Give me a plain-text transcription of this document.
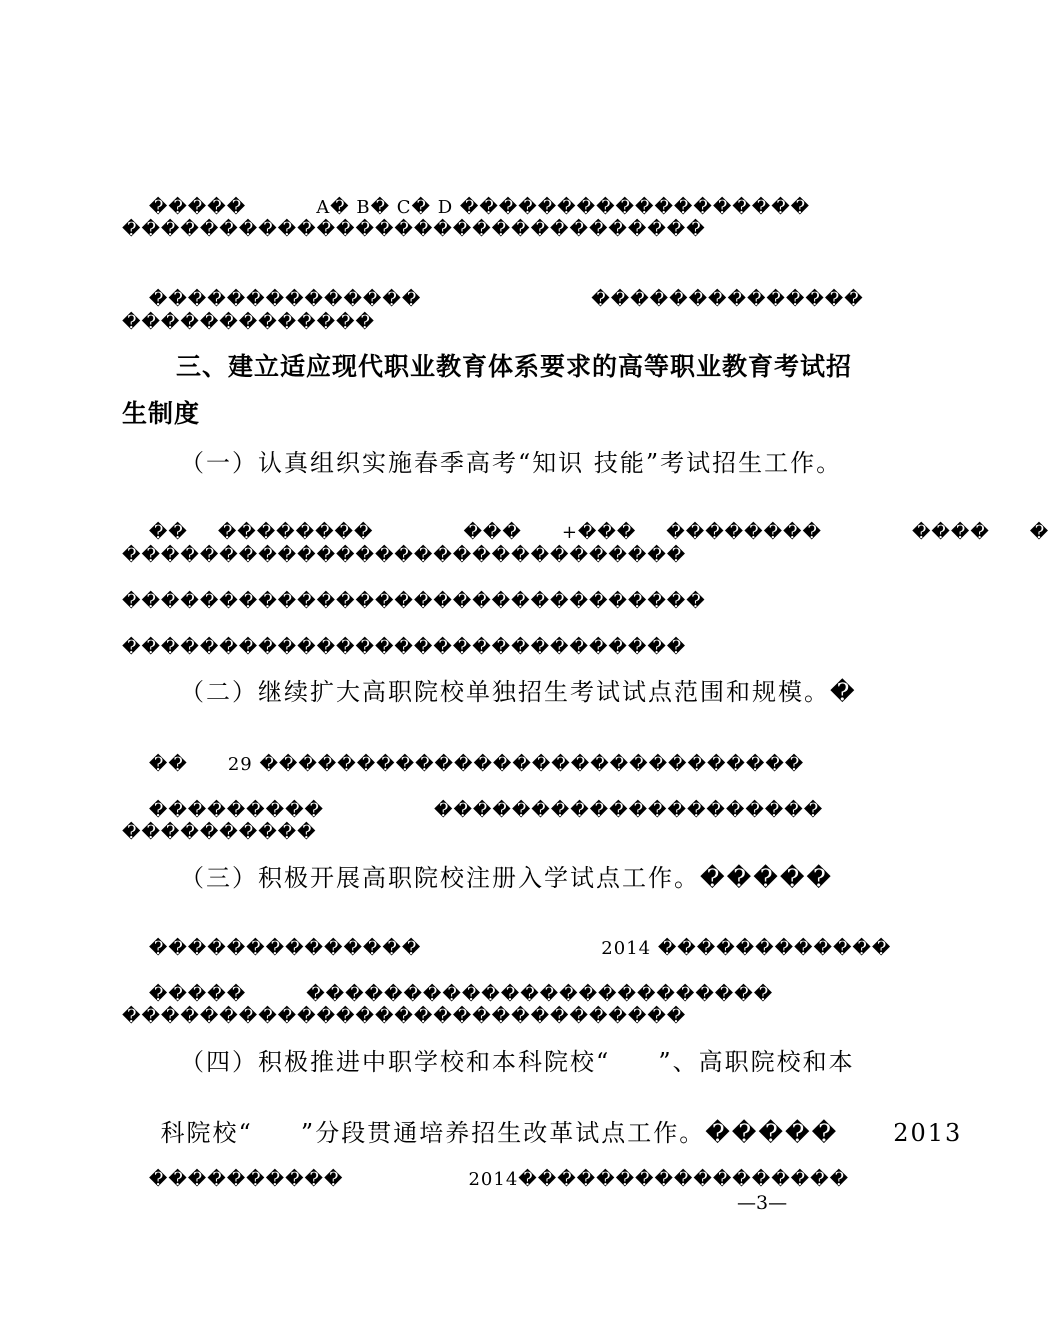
�����	A� B� C� D ������������������

������������������������������

��������������	��������������

�������������
三、建立适应现代职业教育体系要求的高等职业教育考试招
生制度
（一）认真组织实施春季高考“知识 技能”考试招生工作。

�� ��������	��� +��� ��������	���� �

�����������������������������
������������������������������
�����������������������������
（二）继续扩大高职院校单独招生考试试点范围和规模。�

�� 29 ����������������������������

���������	��������������������

����������
（三）积极开展高职院校注册入学试点工作。�����

��������������	2014 ������������

�����	������������������������

�����������������������������
（四）积极推进中职学校和本科院校“     ”、高职院校和本

科院校“     ”分段贯通培养招生改革试点工作。����� 2013

����������	2014�����������������

—3—
